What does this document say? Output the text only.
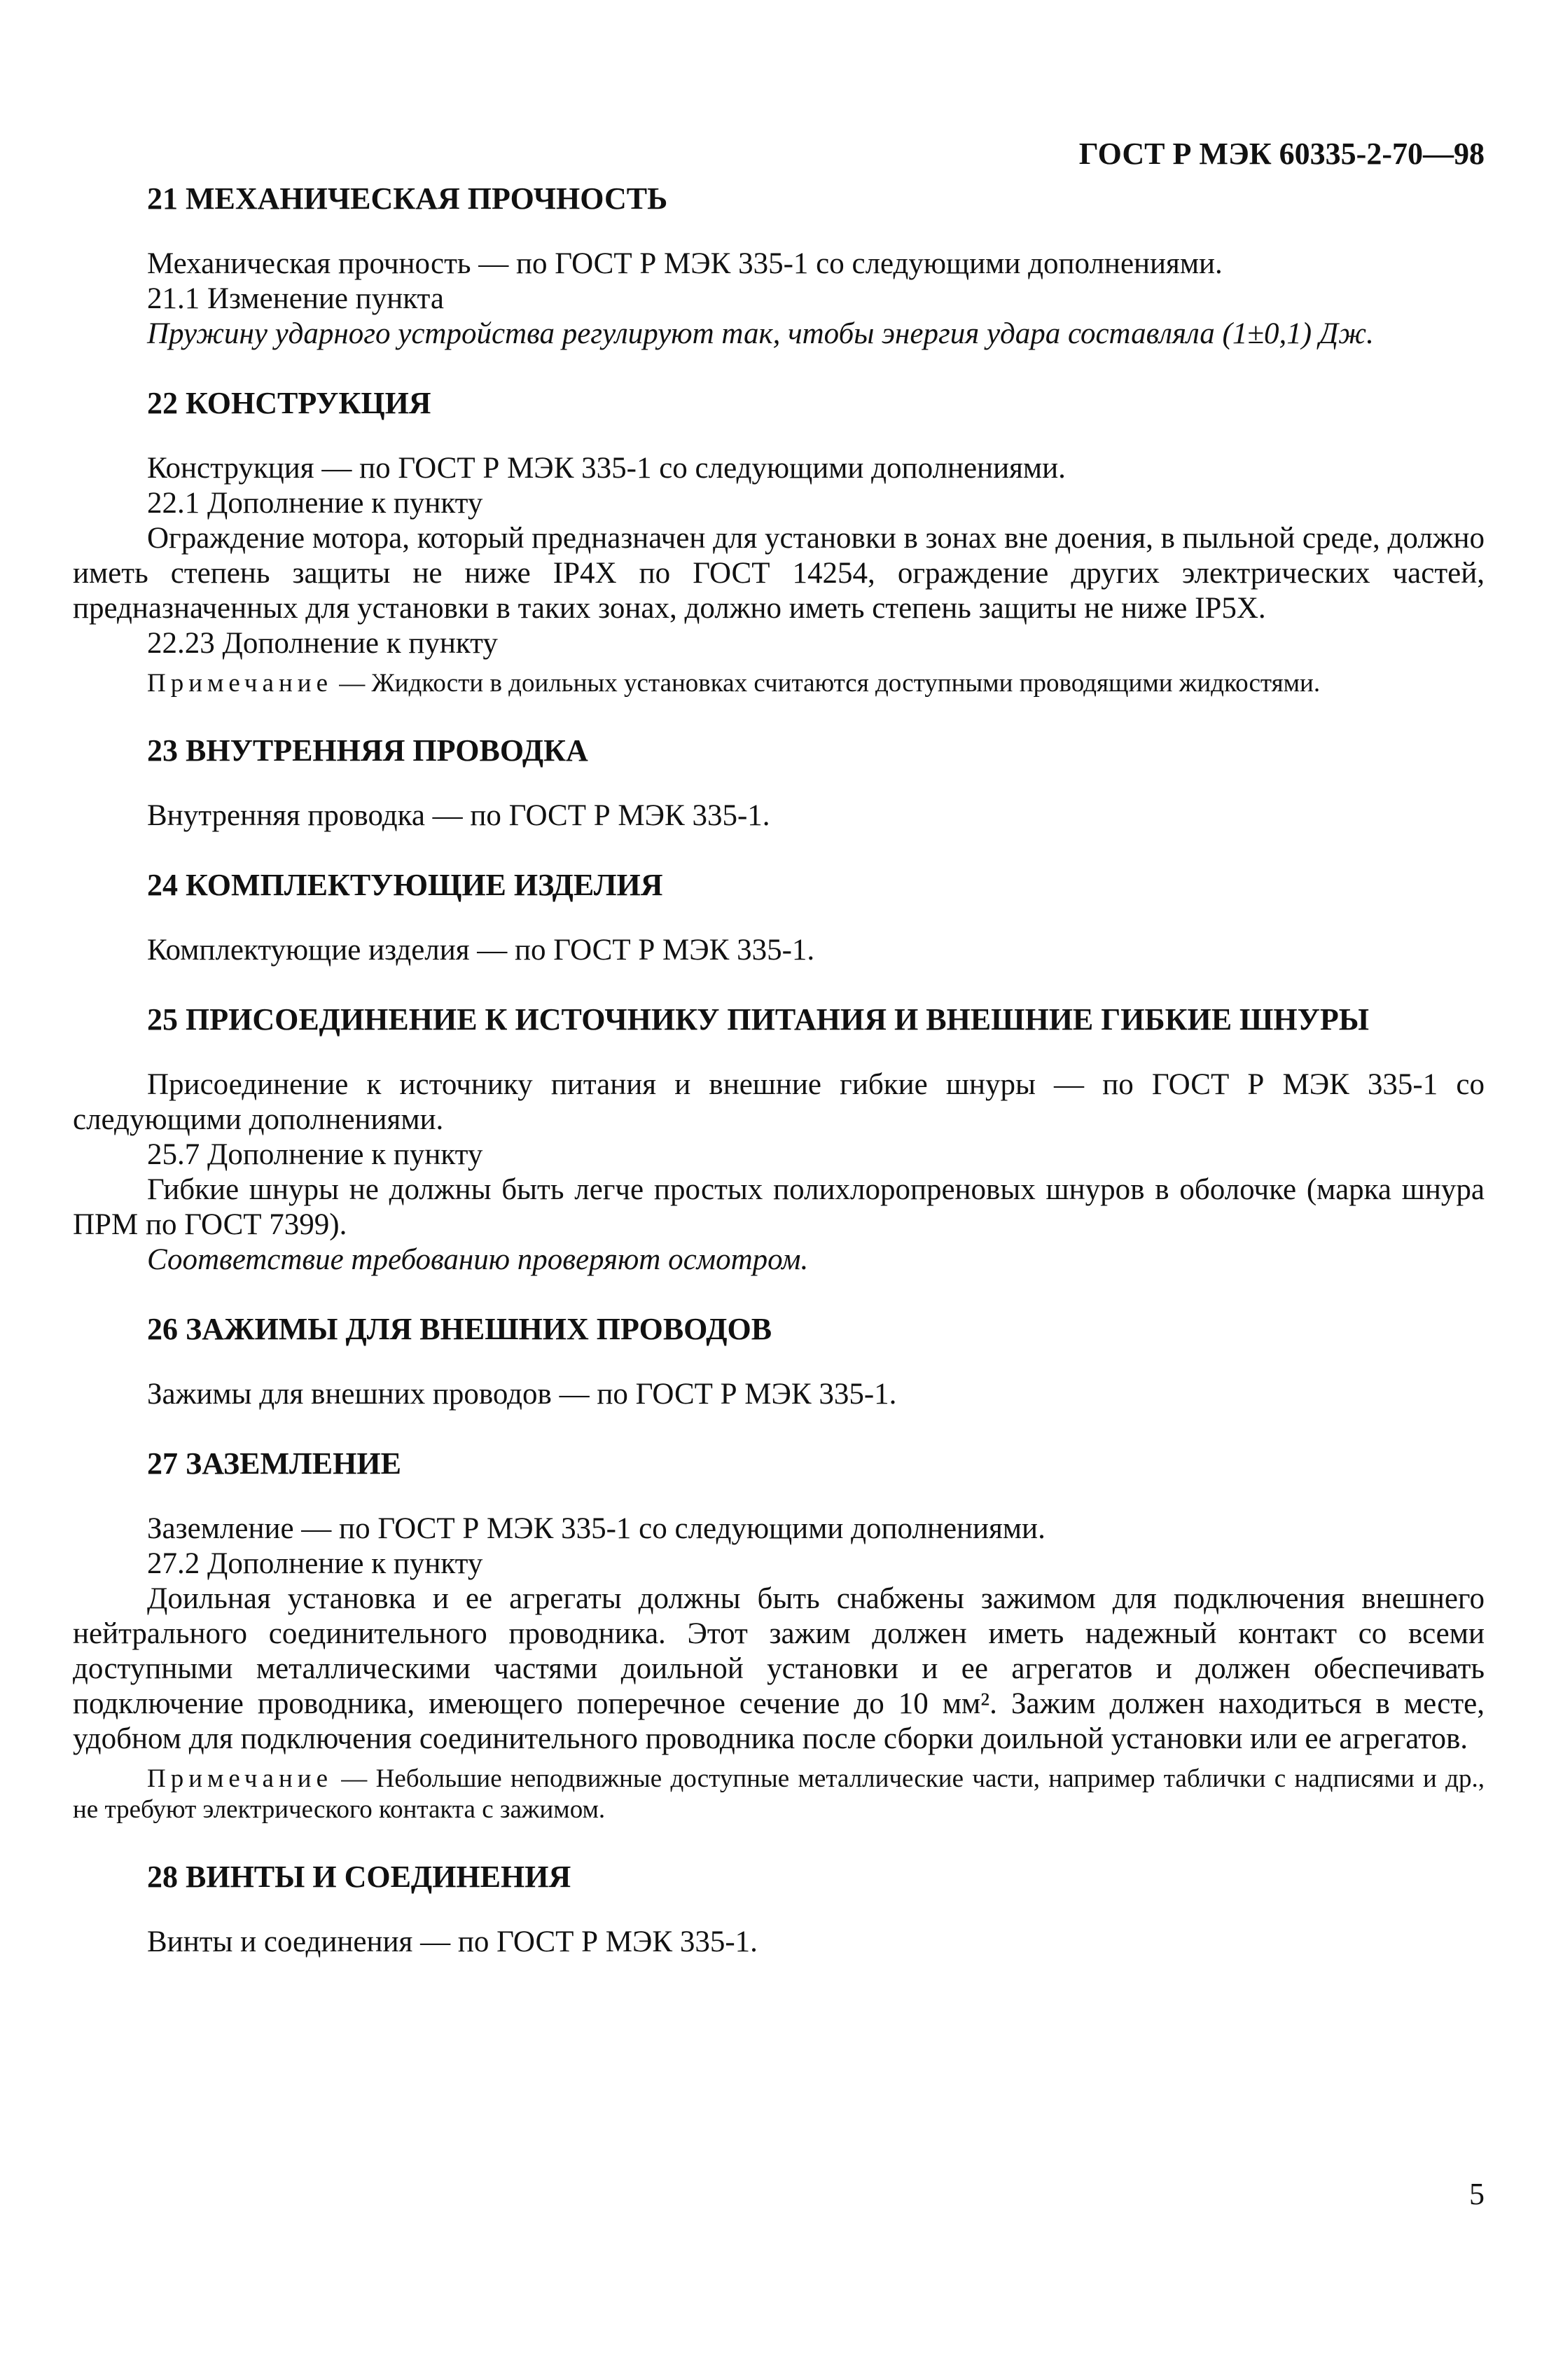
ГОСТ Р МЭК 60335-2-70—98
21 МЕХАНИЧЕСКАЯ ПРОЧНОСТЬ

Механическая прочность — по ГОСТ Р МЭК 335-1 со следующими дополнениями.

21.1 Изменение пункта

Пружину ударного устройства регулируют так, чтобы энергия удара составляла (1±0,1) Дж.

22 КОНСТРУКЦИЯ

Конструкция — по ГОСТ Р МЭК 335-1 со следующими дополнениями.

22.1 Дополнение к пункту

Ограждение мотора, который предназначен для установки в зонах вне доения, в пыльной среде, должно иметь степень защиты не ниже IP4X по ГОСТ 14254, ограждение других электрических частей, предназначенных для установки в таких зонах, должно иметь степень защиты не ниже IP5X.

22.23 Дополнение к пункту

Примечание — Жидкости в доильных установках считаются доступными проводящими жидкостями.

23 ВНУТРЕННЯЯ ПРОВОДКА

Внутренняя проводка — по ГОСТ Р МЭК 335-1.

24 КОМПЛЕКТУЮЩИЕ ИЗДЕЛИЯ

Комплектующие изделия — по ГОСТ Р МЭК 335-1.

25 ПРИСОЕДИНЕНИЕ К ИСТОЧНИКУ ПИТАНИЯ И ВНЕШНИЕ ГИБКИЕ ШНУРЫ

Присоединение к источнику питания и внешние гибкие шнуры — по ГОСТ Р МЭК 335-1 со следующими дополнениями.

25.7 Дополнение к пункту

Гибкие шнуры не должны быть легче простых полихлоропреновых шнуров в оболочке (марка шнура ПРМ по ГОСТ 7399).

Соответствие требованию проверяют осмотром.

26 ЗАЖИМЫ ДЛЯ ВНЕШНИХ ПРОВОДОВ

Зажимы для внешних проводов — по ГОСТ Р МЭК 335-1.

27 ЗАЗЕМЛЕНИЕ

Заземление — по ГОСТ Р МЭК 335-1 со следующими дополнениями.

27.2 Дополнение к пункту

Доильная установка и ее агрегаты должны быть снабжены зажимом для подключения внешнего нейтрального соединительного проводника. Этот зажим должен иметь надежный контакт со всеми доступными металлическими частями доильной установки и ее агрегатов и должен обеспечивать подключение проводника, имеющего поперечное сечение до 10 мм². Зажим должен находиться в месте, удобном для подключения соединительного проводника после сборки доильной установки или ее агрегатов.

Примечание — Небольшие неподвижные доступные металлические части, например таблички с надписями и др., не требуют электрического контакта с зажимом.

28 ВИНТЫ И СОЕДИНЕНИЯ

Винты и соединения — по ГОСТ Р МЭК 335-1.

5
